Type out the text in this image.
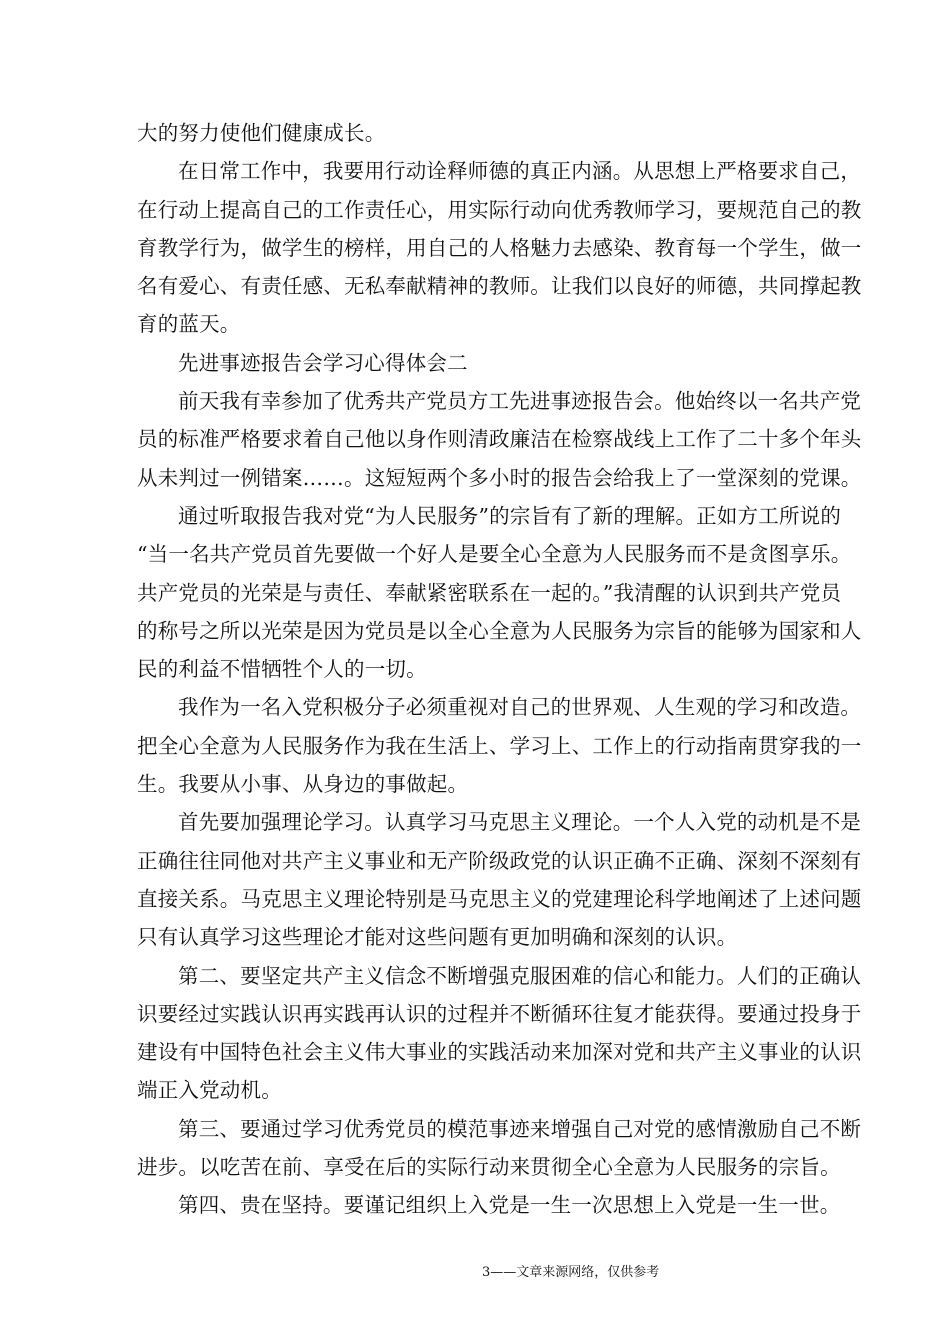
大的努力使他们健康成长。
在日常工作中，我要用行动诠释师德的真正内涵。从思想上严格要求自己，
在行动上提高自己的工作责任心，用实际行动向优秀教师学习，要规范自己的教
育教学行为，做学生的榜样，用自己的人格魅力去感染、教育每一个学生，做一
名有爱心、有责任感、无私奉献精神的教师。让我们以良好的师德，共同撑起教
育的蓝天。
先进事迹报告会学习心得体会二
前天我有幸参加了优秀共产党员方工先进事迹报告会。他始终以一名共产党
员的标准严格要求着自己他以身作则清政廉洁在检察战线上工作了二十多个年头
从未判过一例错案……。这短短两个多小时的报告会给我上了一堂深刻的党课。
通过听取报告我对党“为人民服务”的宗旨有了新的理解。正如方工所说的
“当一名共产党员首先要做一个好人是要全心全意为人民服务而不是贪图享乐。
共产党员的光荣是与责任、奉献紧密联系在一起的。”我清醒的认识到共产党员
的称号之所以光荣是因为党员是以全心全意为人民服务为宗旨的能够为国家和人
民的利益不惜牺牲个人的一切。
我作为一名入党积极分子必须重视对自己的世界观、人生观的学习和改造。
把全心全意为人民服务作为我在生活上、学习上、工作上的行动指南贯穿我的一
生。我要从小事、从身边的事做起。
首先要加强理论学习。认真学习马克思主义理论。一个人入党的动机是不是
正确往往同他对共产主义事业和无产阶级政党的认识正确不正确、深刻不深刻有
直接关系。马克思主义理论特别是马克思主义的党建理论科学地阐述了上述问题
只有认真学习这些理论才能对这些问题有更加明确和深刻的认识。
第二、要坚定共产主义信念不断增强克服困难的信心和能力。人们的正确认
识要经过实践认识再实践再认识的过程并不断循环往复才能获得。要通过投身于
建设有中国特色社会主义伟大事业的实践活动来加深对党和共产主义事业的认识
端正入党动机。
第三、要通过学习优秀党员的模范事迹来增强自己对党的感情激励自己不断
进步。以吃苦在前、享受在后的实际行动来贯彻全心全意为人民服务的宗旨。
第四、贵在坚持。要谨记组织上入党是一生一次思想上入党是一生一世。
3——文章来源网络，仅供参考
